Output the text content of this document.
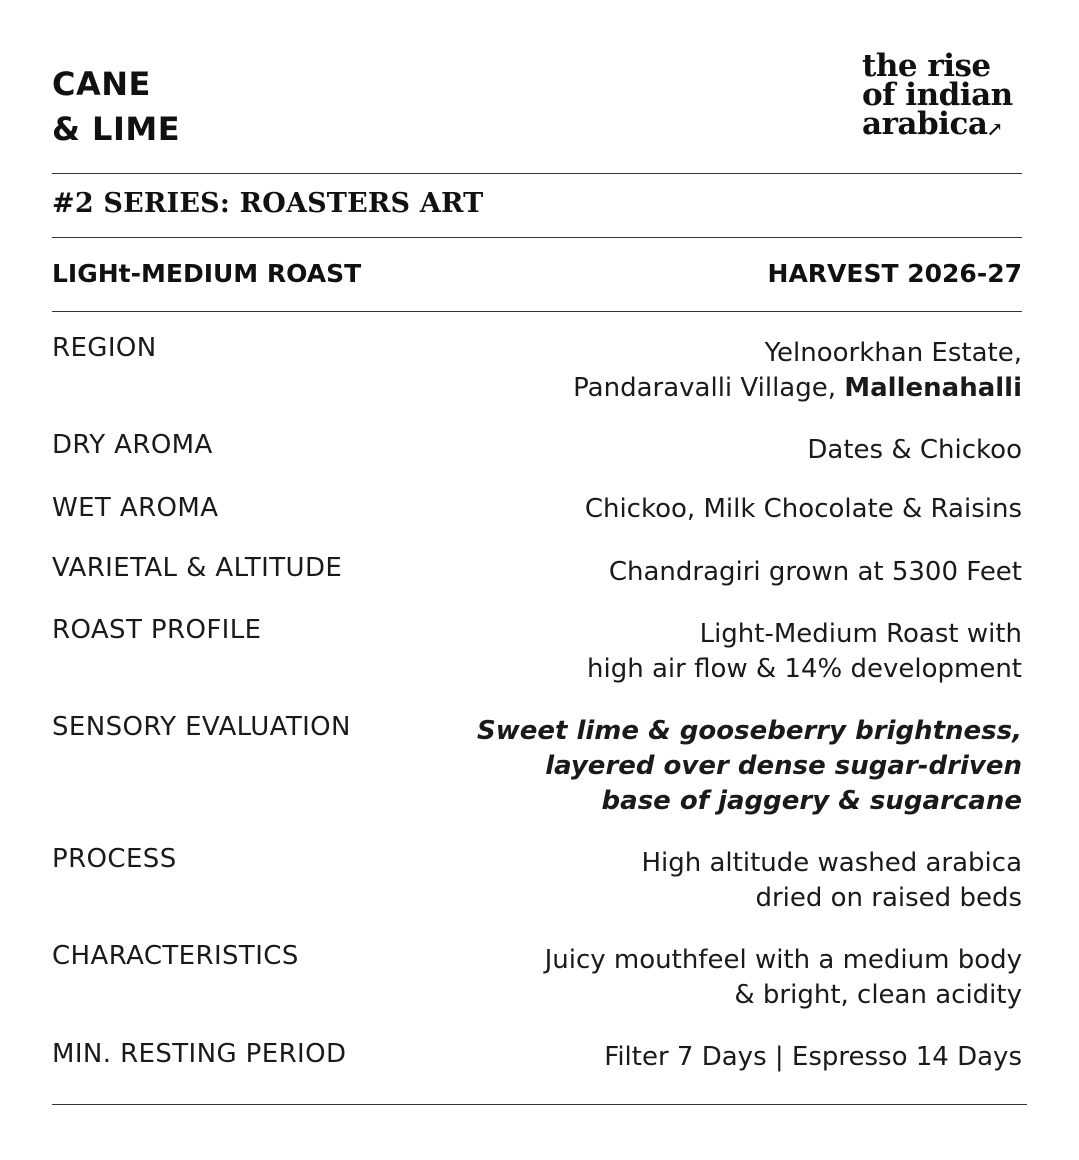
CANE
& LIME
the rise
of indian
arabica↗
#2 SERIES: ROASTERS ART
LIGHt-MEDIUM ROAST	HARVEST 2026-27
REGION	Yelnoorkhan Estate,
Pandaravalli Village, Mallenahalli
DRY AROMA	Dates & Chickoo
WET AROMA	Chickoo, Milk Chocolate & Raisins
VARIETAL & ALTITUDE	Chandragiri grown at 5300 Feet
ROAST PROFILE	Light-Medium Roast with
high air flow & 14% development
SENSORY EVALUATION	Sweet lime & gooseberry brightness,
layered over dense sugar-driven
base of jaggery & sugarcane
PROCESS	High altitude washed arabica
dried on raised beds
CHARACTERISTICS	Juicy mouthfeel with a medium body
& bright, clean acidity
MIN. RESTING PERIOD	Filter 7 Days | Espresso 14 Days
